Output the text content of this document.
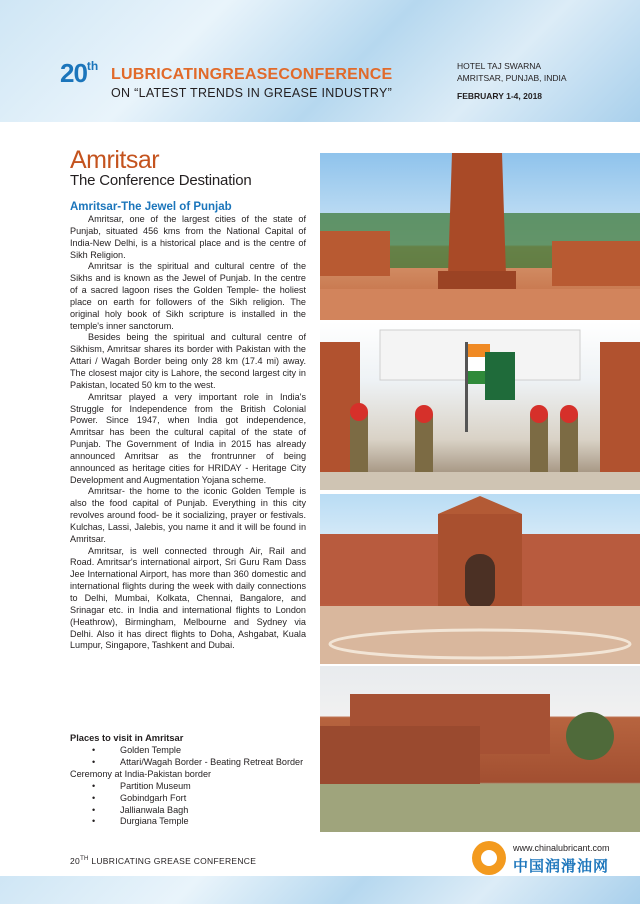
20th LUBRICATINGREASECONFERENCE
ON “LATEST TRENDS IN GREASE INDUSTRY”
HOTEL TAJ SWARNA
AMRITSAR, PUNJAB, INDIA
FEBRUARY 1-4, 2018
Amritsar
The Conference Destination
Amritsar-The Jewel of Punjab

Amritsar, one of the largest cities of the state of Punjab, situated 456 kms from the National Capital of India-New Delhi, is a historical place and is the centre of Sikh Religion.

Amritsar is the spiritual and cultural centre of the Sikhs and is known as the Jewel of Punjab. In the centre of a sacred lagoon rises the Golden Temple- the holiest place on earth for followers of the Sikh religion. The original holy book of Sikh scripture is installed in the temple's inner sanctorum.

Besides being the spiritual and cultural centre of Sikhism, Amritsar shares its border with Pakistan with the Attari / Wagah Border being only 28 km (17.4 mi) away. The closest major city is Lahore, the second largest city in Pakistan, located 50 km to the west.

Amritsar played a very important role in India's Struggle for Independence from the British Colonial Power. Since 1947, when India got independence, Amritsar has been the cultural capital of the state of Punjab. The Government of India in 2015 has already announced Amritsar as the frontrunner of being announced as heritage cities for HRIDAY - Heritage City Development and Augmentation Yojana scheme.

Amritsar- the home to the iconic Golden Temple is also the food capital of Punjab. Everything in this city revolves around food- be it socializing, prayer or festivals. Kulchas, Lassi, Jalebis, you name it and it will be found in Amritsar.

Amritsar, is well connected through Air, Rail and Road. Amritsar's international airport, Sri Guru Ram Dass Jee International Airport, has more than 360 domestic and international flights during the week with daily connections to Delhi, Mumbai, Kolkata, Chennai, Bangalore, and Srinagar etc. in India and international flights to London (Heathrow), Birmingham, Melbourne and Sydney via Delhi. Also it has direct flights to Doha, Ashgabat, Kuala Lumpur, Singapore, Tashkent and Dubai.

Places to visit in Amritsar
• Golden Temple
• Attari/Wagah Border - Beating Retreat Border
Ceremony at India-Pakistan border
• Partition Museum
• Gobindgarh Fort
• Jallianwala Bagh
• Durgiana Temple
20TH LUBRICATING GREASE CONFERENCE
www.chinalubricant.com
中国润滑油网
